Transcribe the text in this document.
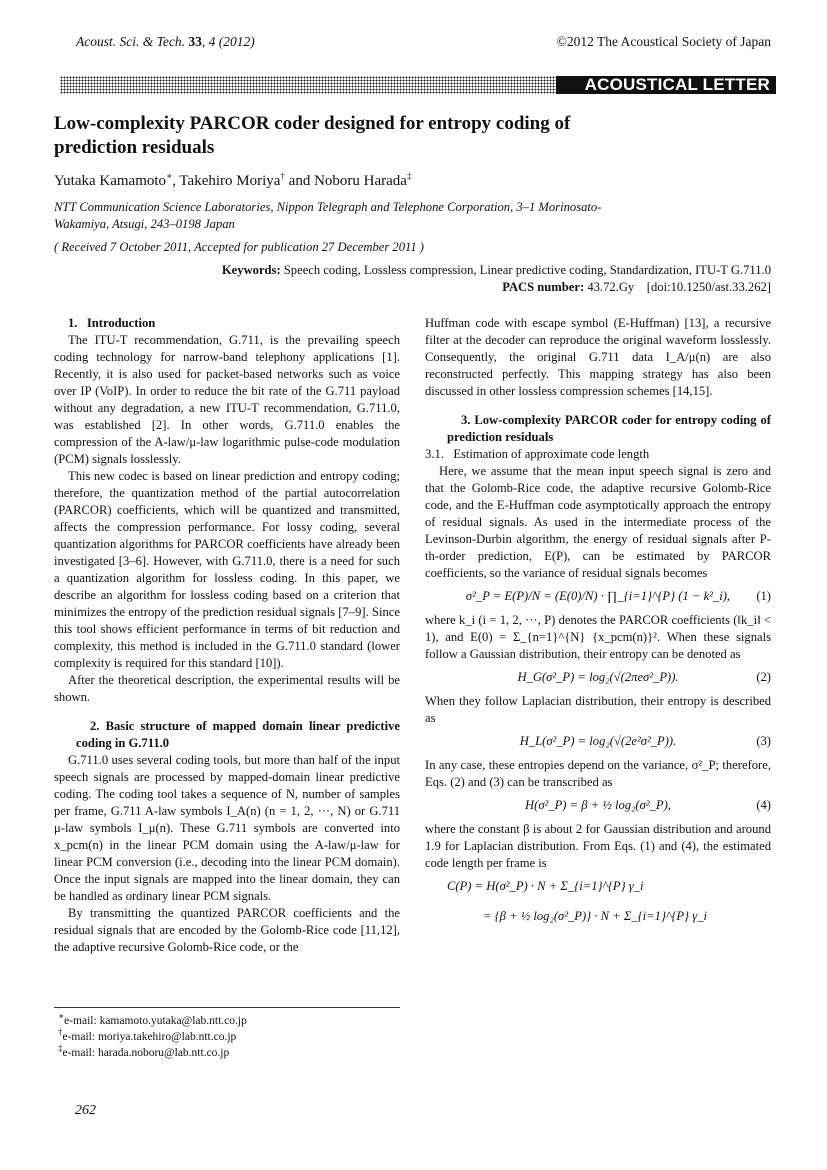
Acoust. Sci. & Tech. 33, 4 (2012)	©2012 The Acoustical Society of Japan
ACOUSTICAL LETTER
Low-complexity PARCOR coder designed for entropy coding of prediction residuals
Yutaka Kamamoto∗, Takehiro Moriya† and Noboru Harada‡
NTT Communication Science Laboratories, Nippon Telegraph and Telephone Corporation, 3–1 Morinosato-Wakamiya, Atsugi, 243–0198 Japan
( Received 7 October 2011, Accepted for publication 27 December 2011 )
Keywords: Speech coding, Lossless compression, Linear predictive coding, Standardization, ITU-T G.711.0
PACS number: 43.72.Gy    [doi:10.1250/ast.33.262]

1.   Introduction

The ITU-T recommendation, G.711, is the prevailing speech coding technology for narrow-band telephony applications [1]. Recently, it is also used for packet-based networks such as voice over IP (VoIP). In order to reduce the bit rate of the G.711 payload without any degradation, a new ITU-T recommendation, G.711.0, was established [2]. In other words, G.711.0 enables the compression of the A-law/μ-law logarithmic pulse-code modulation (PCM) signals losslessly.

This new codec is based on linear prediction and entropy coding; therefore, the quantization method of the partial autocorrelation (PARCOR) coefficients, which will be quantized and transmitted, affects the compression performance. For lossy coding, several quantization algorithms for PARCOR coefficients have already been investigated [3–6]. However, with G.711.0, there is a need for such a quantization algorithm for lossless coding. In this paper, we describe an algorithm for lossless coding based on a criterion that minimizes the entropy of the prediction residual signals [7–9]. Since this tool shows efficient performance in terms of bit reduction and complexity, this method is included in the G.711.0 standard (lower complexity is required for this standard [10]).

After the theoretical description, the experimental results will be shown.

2. Basic structure of mapped domain linear predictive coding in G.711.0

G.711.0 uses several coding tools, but more than half of the input speech signals are processed by mapped-domain linear predictive coding. The coding tool takes a sequence of N, number of samples per frame, G.711 A-law symbols I_A(n) (n = 1, 2, ···, N) or G.711 μ-law symbols I_μ(n). These G.711 symbols are converted into x_pcm(n) in the linear PCM domain using the A-law/μ-law for linear PCM conversion (i.e., decoding into the linear PCM domain). Once the input signals are mapped into the linear domain, they can be handled as ordinary linear PCM signals.

By transmitting the quantized PARCOR coefficients and the residual signals that are encoded by the Golomb-Rice code [11,12], the adaptive recursive Golomb-Rice code, or the

Huffman code with escape symbol (E-Huffman) [13], a recursive filter at the decoder can reproduce the original waveform losslessly. Consequently, the original G.711 data I_A/μ(n) are also reconstructed perfectly. This mapping strategy has also been discussed in other lossless compression schemes [14,15].

3. Low-complexity PARCOR coder for entropy coding of prediction residuals

3.1.   Estimation of approximate code length

Here, we assume that the mean input speech signal is zero and that the Golomb-Rice code, the adaptive recursive Golomb-Rice code, and the E-Huffman code asymptotically approach the entropy of residual signals. As used in the intermediate process of the Levinson-Durbin algorithm, the energy of residual signals after P-th-order prediction, E(P), can be estimated by PARCOR coefficients, so the variance of residual signals becomes

σ²_P = E(P)/N = (E(0)/N) · ∏_{i=1}^{P} (1 − k²_i), (1)

where k_i (i = 1, 2, ···, P) denotes the PARCOR coefficients (‖k_i‖ < 1), and E(0) = Σ_{n=1}^{N} {x_pcm(n)}². When these signals follow a Gaussian distribution, their entropy can be denoted as

H_G(σ²_P) = log₂(√(2πeσ²_P)).	(2)

When they follow Laplacian distribution, their entropy is described as

H_L(σ²_P) = log₂(√(2e²σ²_P)).	(3)

In any case, these entropies depend on the variance, σ²_P; therefore, Eqs. (2) and (3) can be transcribed as

H(σ²_P) = β + ½ log₂(σ²_P),	(4)

where the constant β is about 2 for Gaussian distribution and around 1.9 for Laplacian distribution. From Eqs. (1) and (4), the estimated code length per frame is

C(P) = H(σ²_P) · N + Σ_{i=1}^{P} γ_i
= {β + ½ log₂(σ²_P)} · N + Σ_{i=1}^{P} γ_i
∗e-mail: kamamoto.yutaka@lab.ntt.co.jp
†e-mail: moriya.takehiro@lab.ntt.co.jp
‡e-mail: harada.noboru@lab.ntt.co.jp
262
